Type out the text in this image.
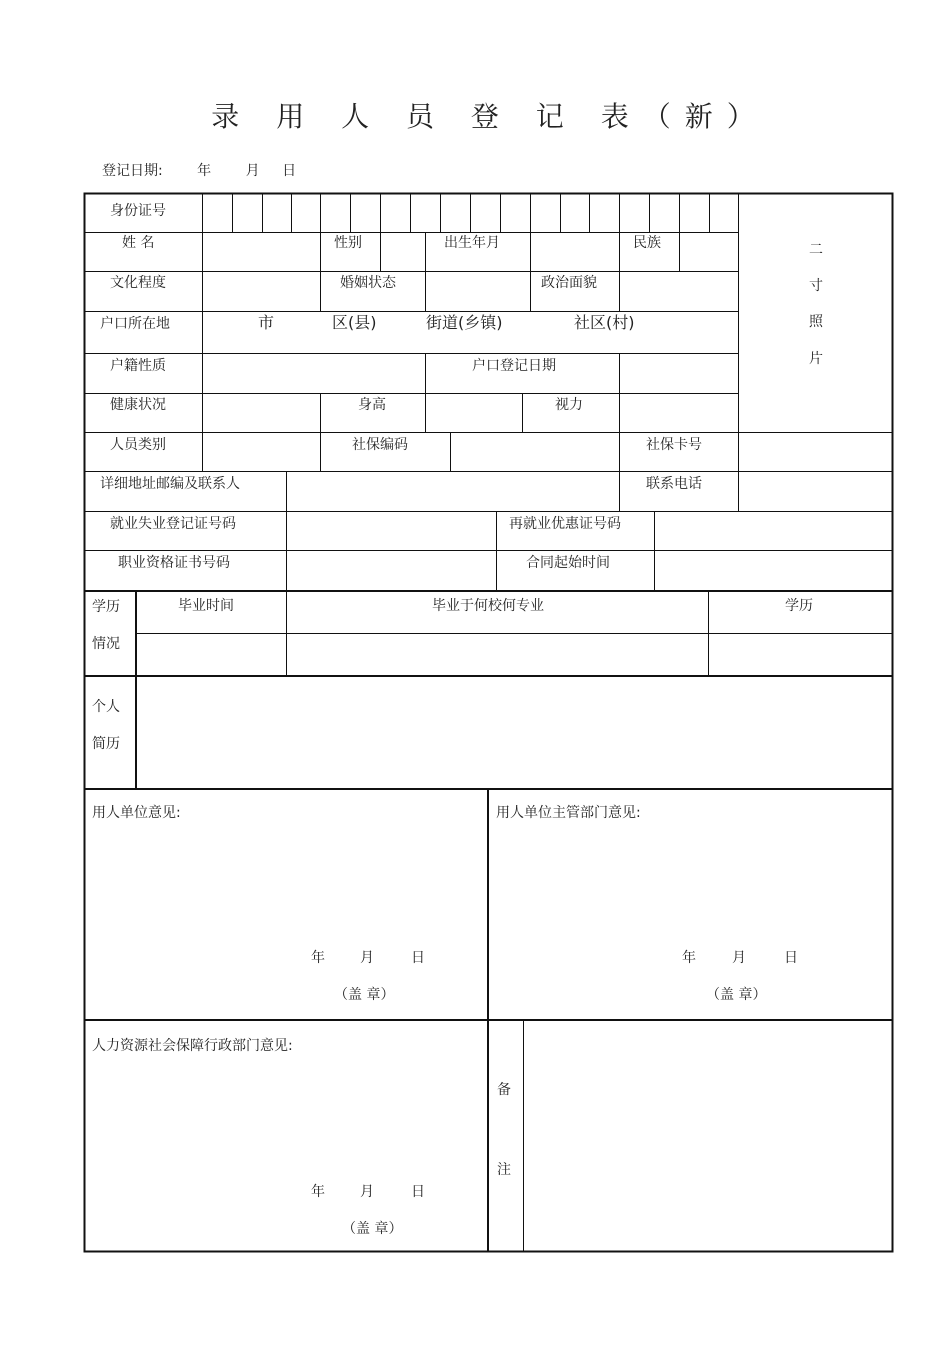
录 用 人 员 登 记 表（新）
登记日期: 年 月 日
身份证号
姓 名	性别	出生年月	民族
文化程度	婚姻状态	政治面貌
户口所在地	市	区(县)	街道(乡镇)	社区(村)
户籍性质	户口登记日期
健康状况	身高	视力
人员类别	社保编码	社保卡号
详细地址邮编及联系人	联系电话
就业失业登记证号码	再就业优惠证号码
职业资格证书号码	合同起始时间
二
寸
照
片
学历
情况
毕业时间	毕业于何校何专业	学历
个人
简历
用人单位意见:
年	月	日
（盖 章）
用人单位主管部门意见:
年	月	日
（盖 章）
人力资源社会保障行政部门意见:
年	月	日
（盖 章）
备
注
